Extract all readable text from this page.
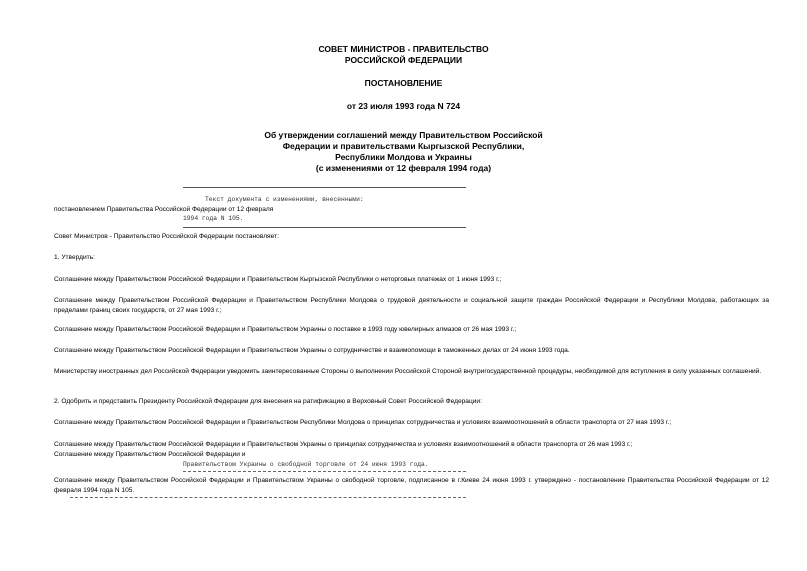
СОВЕТ МИНИСТРОВ - ПРАВИТЕЛЬСТВО
РОССИЙСКОЙ ФЕДЕРАЦИИ
ПОСТАНОВЛЕНИЕ
от 23 июля 1993 года N 724
Об утверждении соглашений между Правительством Российской
Федерации и правительствами Кыргызской Республики,
Республики Молдова и Украины
(с изменениями от 12 февраля 1994 года)
Текст документа с изменениями, внесенными:
постановлением Правительства Российской Федерации от 12 февраля
1994 года N 105.
Совет Министров - Правительство Российской Федерации постановляет:
1. Утвердить:
Соглашение между Правительством Российской Федерации и Правительством Кыргызской Республики о неторговых платежах от 1 июня 1993 г.;
Соглашение между Правительством Российской Федерации и Правительством Республики Молдова о трудовой деятельности и социальной защите граждан Российской Федерации и Республики Молдова, работающих за пределами границ своих государств, от 27 мая 1993 г.;
Соглашение между Правительством Российской Федерации и Правительством Украины о поставке в 1993 году ювелирных алмазов от 26 мая 1993 г.;
Соглашение между Правительством Российской Федерации и Правительством Украины о сотрудничестве и взаимопомощи в таможенных делах от 24 июня 1993 года.
Министерству иностранных дел Российской Федерации уведомить заинтересованные Стороны о выполнении Российской Стороной внутригосударственной процедуры, необходимой для вступления в силу указанных соглашений.
2. Одобрить и представить Президенту Российской Федерации для внесения на ратификацию в Верховный Совет Российской Федерации:
Соглашение между Правительством Российской Федерации и Правительством Республики Молдова о принципах сотрудничества и условиях взаимоотношений в области транспорта от 27 мая 1993 г.;
Соглашение между Правительством Российской Федерации и Правительством Украины о принципах сотрудничества и условиях взаимоотношений в области транспорта от 26 мая 1993 г.;
Соглашение между Правительством Российской Федерации и
Правительством Украины о свободной торговле от 24 июня 1993 года.
Соглашение между Правительством Российской Федерации и Правительством Украины о свободной торговле, подписанное в г.Киеве 24 июня 1993 г. утверждено - постановление Правительства Российской Федерации от 12 февраля 1994 года N 105.
